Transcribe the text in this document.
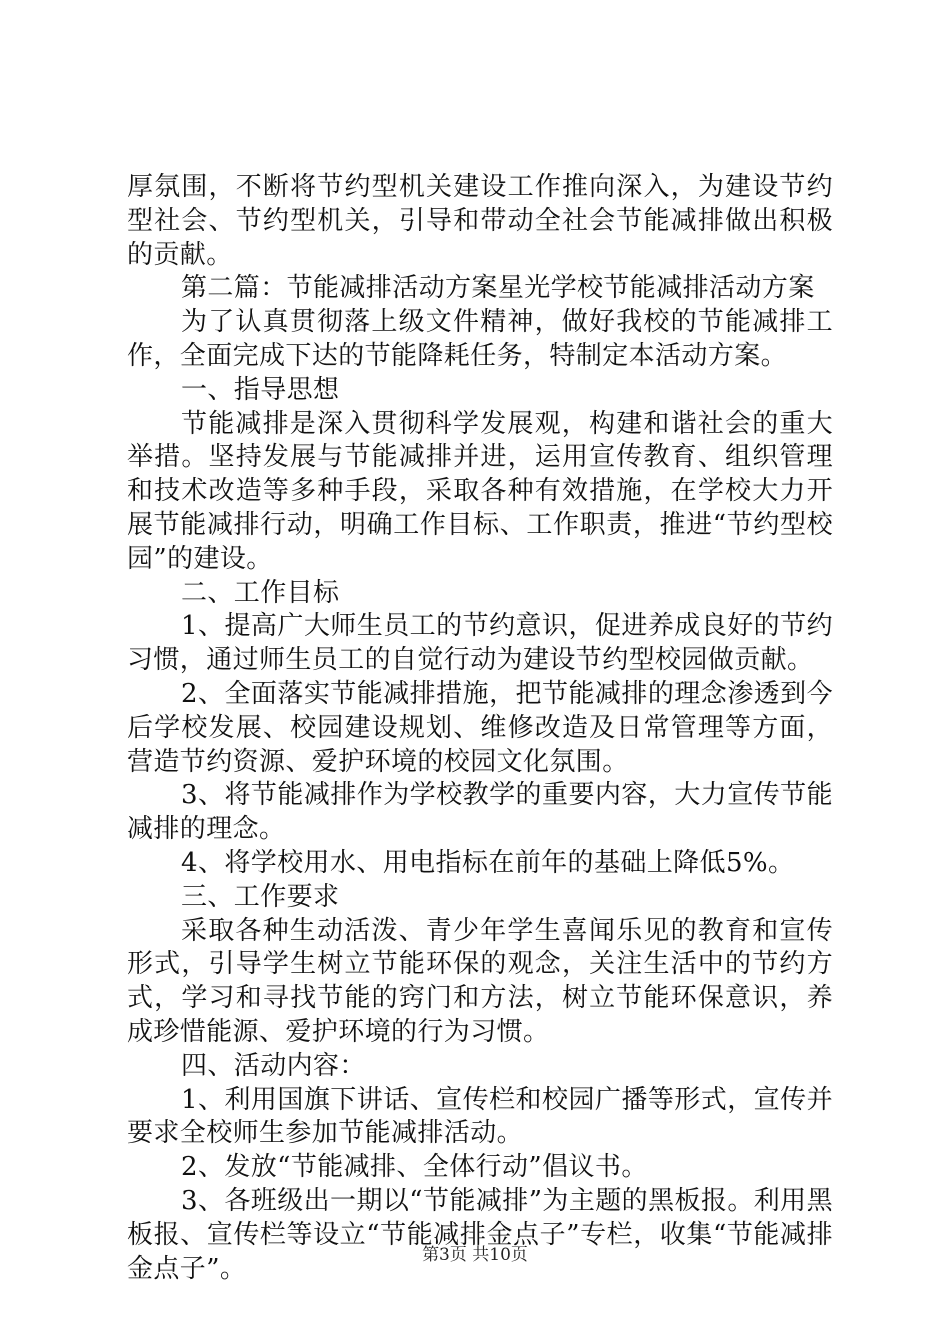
厚氛围，不断将节约型机关建设工作推向深入，为建设节约型社会、节约型机关，引导和带动全社会节能减排做出积极的贡献。

第二篇：节能减排活动方案星光学校节能减排活动方案

为了认真贯彻落上级文件精神，做好我校的节能减排工作，全面完成下达的节能降耗任务，特制定本活动方案。

一、指导思想

节能减排是深入贯彻科学发展观，构建和谐社会的重大举措。坚持发展与节能减排并进，运用宣传教育、组织管理和技术改造等多种手段，采取各种有效措施，在学校大力开展节能减排行动，明确工作目标、工作职责，推进“节约型校园”的建设。

二、工作目标

1、提高广大师生员工的节约意识，促进养成良好的节约习惯，通过师生员工的自觉行动为建设节约型校园做贡献。

2、全面落实节能减排措施，把节能减排的理念渗透到今后学校发展、校园建设规划、维修改造及日常管理等方面，营造节约资源、爱护环境的校园文化氛围。

3、将节能减排作为学校教学的重要内容，大力宣传节能减排的理念。

4、将学校用水、用电指标在前年的基础上降低5%。

三、工作要求

采取各种生动活泼、青少年学生喜闻乐见的教育和宣传形式，引导学生树立节能环保的观念，关注生活中的节约方式，学习和寻找节能的窍门和方法，树立节能环保意识，养成珍惜能源、爱护环境的行为习惯。

四、活动内容：

1、利用国旗下讲话、宣传栏和校园广播等形式，宣传并要求全校师生参加节能减排活动。

2、发放“节能减排、全体行动”倡议书。

3、各班级出一期以“节能减排”为主题的黑板报。利用黑板报、宣传栏等设立“节能减排金点子”专栏，收集“节能减排金点子”。	第3页 共10页
